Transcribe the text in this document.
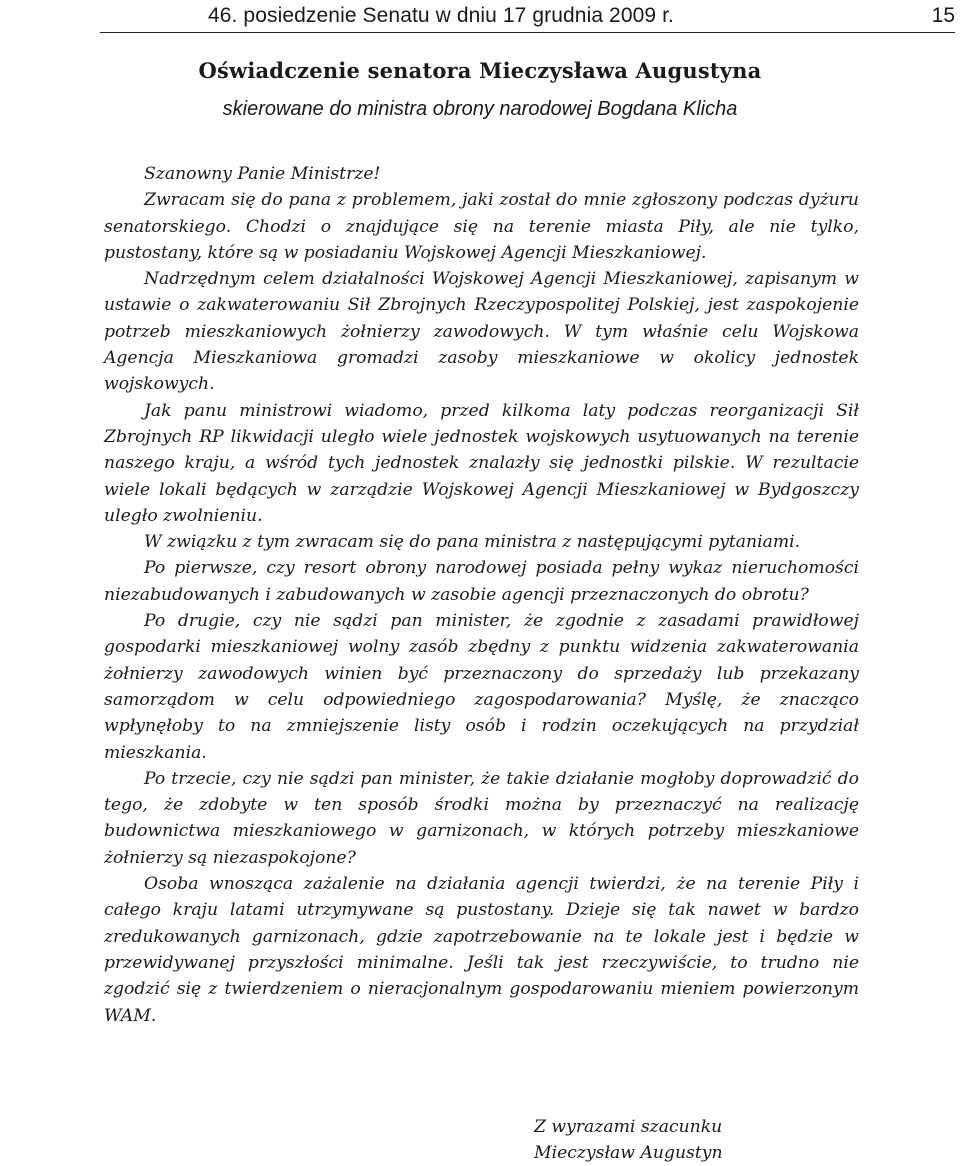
46. posiedzenie Senatu w dniu 17 grudnia 2009 r.	15
Oświadczenie senatora Mieczysława Augustyna
skierowane do ministra obrony narodowej Bogdana Klicha

Szanowny Panie Ministrze!

Zwracam się do pana z problemem, jaki został do mnie zgłoszony podczas dyżuru senatorskiego. Chodzi o znajdujące się na terenie miasta Piły, ale nie tylko, pustostany, które są w posiadaniu Wojskowej Agencji Mieszkaniowej.

Nadrzędnym celem działalności Wojskowej Agencji Mieszkaniowej, zapisanym w ustawie o zakwaterowaniu Sił Zbrojnych Rzeczypospolitej Polskiej, jest zaspokojenie potrzeb mieszkaniowych żołnierzy zawodowych. W tym właśnie celu Wojskowa Agencja Mieszkaniowa gromadzi zasoby mieszkaniowe w okolicy jednostek wojskowych.

Jak panu ministrowi wiadomo, przed kilkoma laty podczas reorganizacji Sił Zbrojnych RP likwidacji uległo wiele jednostek wojskowych usytuowanych na terenie naszego kraju, a wśród tych jednostek znalazły się jednostki pilskie. W rezultacie wiele lokali będących w zarządzie Wojskowej Agencji Mieszkaniowej w Bydgoszczy uległo zwolnieniu.

W związku z tym zwracam się do pana ministra z następującymi pytaniami.

Po pierwsze, czy resort obrony narodowej posiada pełny wykaz nieruchomości niezabudowanych i zabudowanych w zasobie agencji przeznaczonych do obrotu?

Po drugie, czy nie sądzi pan minister, że zgodnie z zasadami prawidłowej gospodarki mieszkaniowej wolny zasób zbędny z punktu widzenia zakwaterowania żołnierzy zawodowych winien być przeznaczony do sprzedaży lub przekazany samorządom w celu odpowiedniego zagospodarowania? Myślę, że znacząco wpłynęłoby to na zmniejszenie listy osób i rodzin oczekujących na przydział mieszkania.

Po trzecie, czy nie sądzi pan minister, że takie działanie mogłoby doprowadzić do tego, że zdobyte w ten sposób środki można by przeznaczyć na realizację budownictwa mieszkaniowego w garnizonach, w których potrzeby mieszkaniowe żołnierzy są niezaspokojone?

Osoba wnosząca zażalenie na działania agencji twierdzi, że na terenie Piły i całego kraju latami utrzymywane są pustostany. Dzieje się tak nawet w bardzo zredukowanych garnizonach, gdzie zapotrzebowanie na te lokale jest i będzie w przewidywanej przyszłości minimalne. Jeśli tak jest rzeczywiście, to trudno nie zgodzić się z twierdzeniem o nieracjonalnym gospodarowaniu mieniem powierzonym WAM.

Z wyrazami szacunku
Mieczysław Augustyn
